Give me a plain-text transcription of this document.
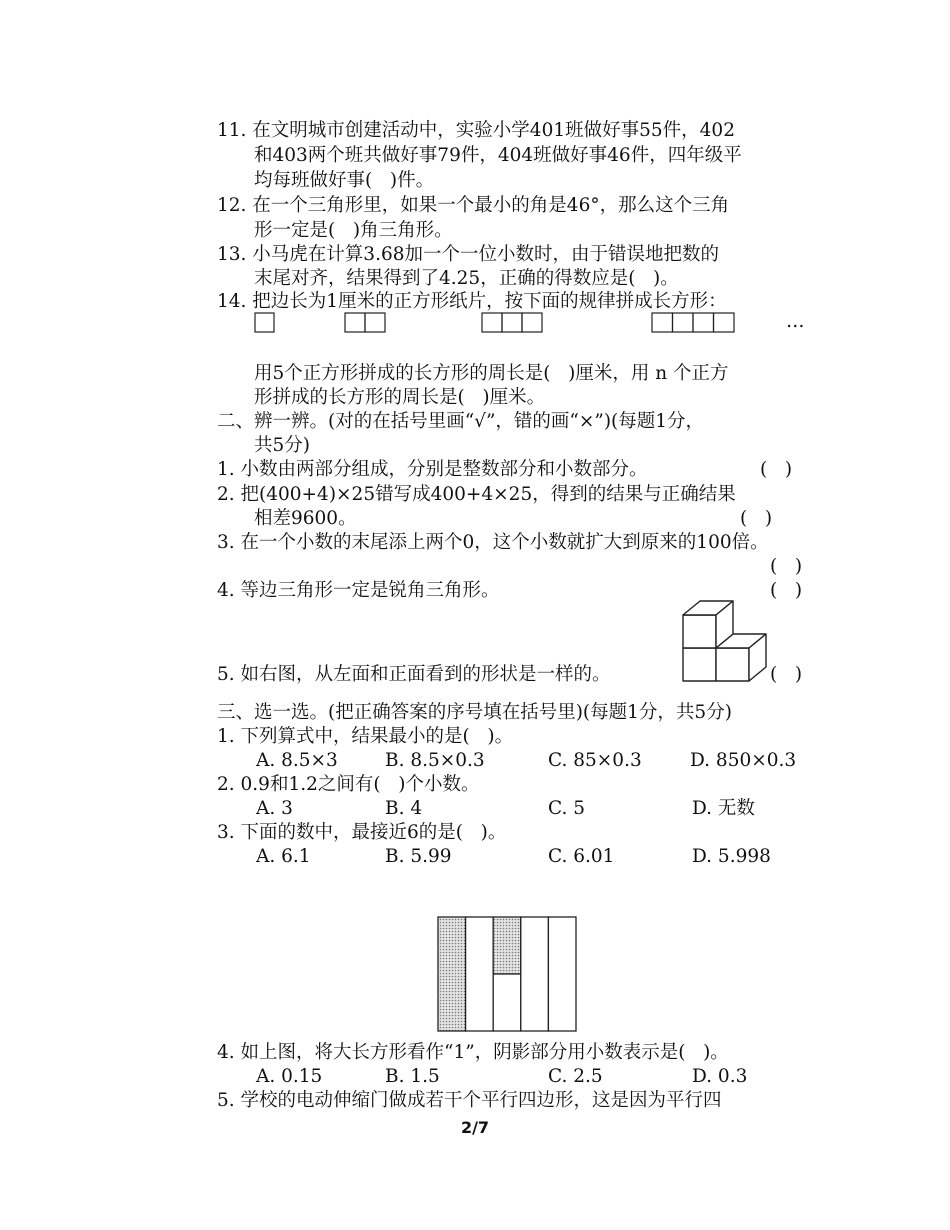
11. 在文明城市创建活动中，实验小学401班做好事55件，402
和403两个班共做好事79件，404班做好事46件，四年级平
均每班做好事(   )件。
12. 在一个三角形里，如果一个最小的角是46°，那么这个三角
形一定是(   )角三角形。
13. 小马虎在计算3.68加一个一位小数时，由于错误地把数的
末尾对齐，结果得到了4.25，正确的得数应是(   )。
14. 把边长为1厘米的正方形纸片，按下面的规律拼成长方形：
…
用5个正方形拼成的长方形的周长是(   )厘米，用 n 个正方
形拼成的长方形的周长是(   )厘米。
二、辨一辨。(对的在括号里画“√”，错的画“×”)(每题1分，
共5分)
1. 小数由两部分组成，分别是整数部分和小数部分。	(   )
2. 把(400+4)×25错写成400+4×25，得到的结果与正确结果
相差9600。	(   )
3. 在一个小数的末尾添上两个0，这个小数就扩大到原来的100倍。
(   )
4. 等边三角形一定是锐角三角形。	(   )
5. 如右图，从左面和正面看到的形状是一样的。	(   )
三、选一选。(把正确答案的序号填在括号里)(每题1分，共5分)
1. 下列算式中，结果最小的是(   )。
A. 8.5×3	B. 8.5×0.3	C. 85×0.3	D. 850×0.3
2. 0.9和1.2之间有(   )个小数。
A. 3	B. 4	C. 5	D. 无数
3. 下面的数中，最接近6的是(   )。
A. 6.1	B. 5.99	C. 6.01	D. 5.998
4. 如上图，将大长方形看作“1”，阴影部分用小数表示是(   )。
A. 0.15	B. 1.5	C. 2.5	D. 0.3
5. 学校的电动伸缩门做成若干个平行四边形，这是因为平行四
2/7
